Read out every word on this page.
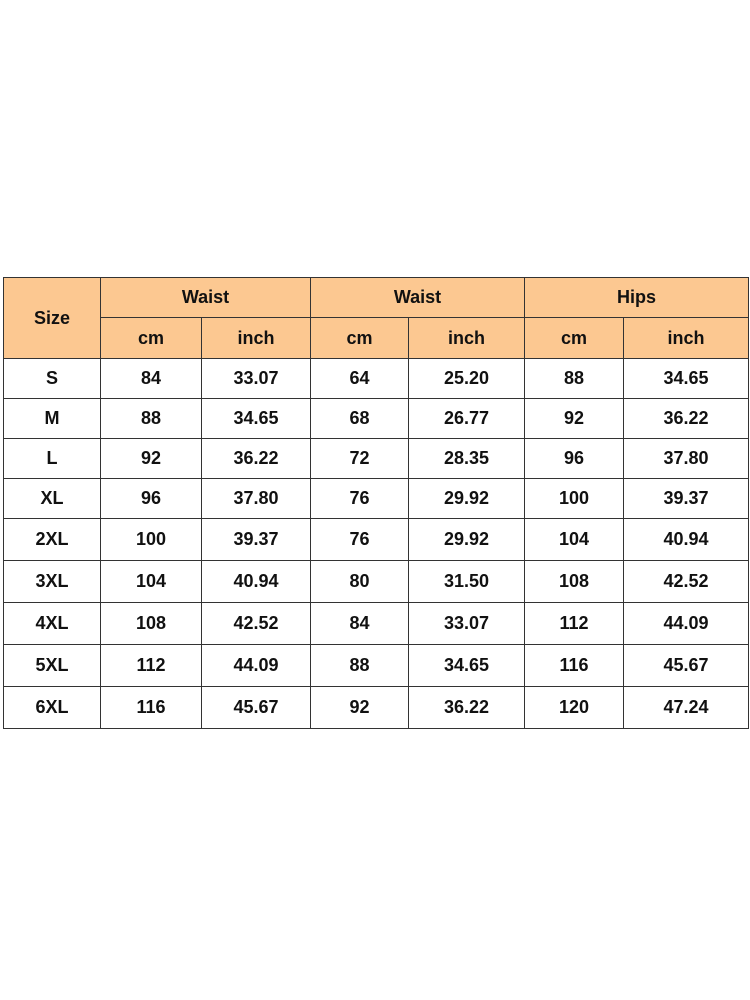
Size	Waist		Waist		Hips	
	cm	inch	cm	inch	cm	inch
S	84	33.07	64	25.20	88	34.65
M	88	34.65	68	26.77	92	36.22
L	92	36.22	72	28.35	96	37.80
XL	96	37.80	76	29.92	100	39.37
2XL	100	39.37	76	29.92	104	40.94
3XL	104	40.94	80	31.50	108	42.52
4XL	108	42.52	84	33.07	112	44.09
5XL	112	44.09	88	34.65	116	45.67
6XL	116	45.67	92	36.22	120	47.24
